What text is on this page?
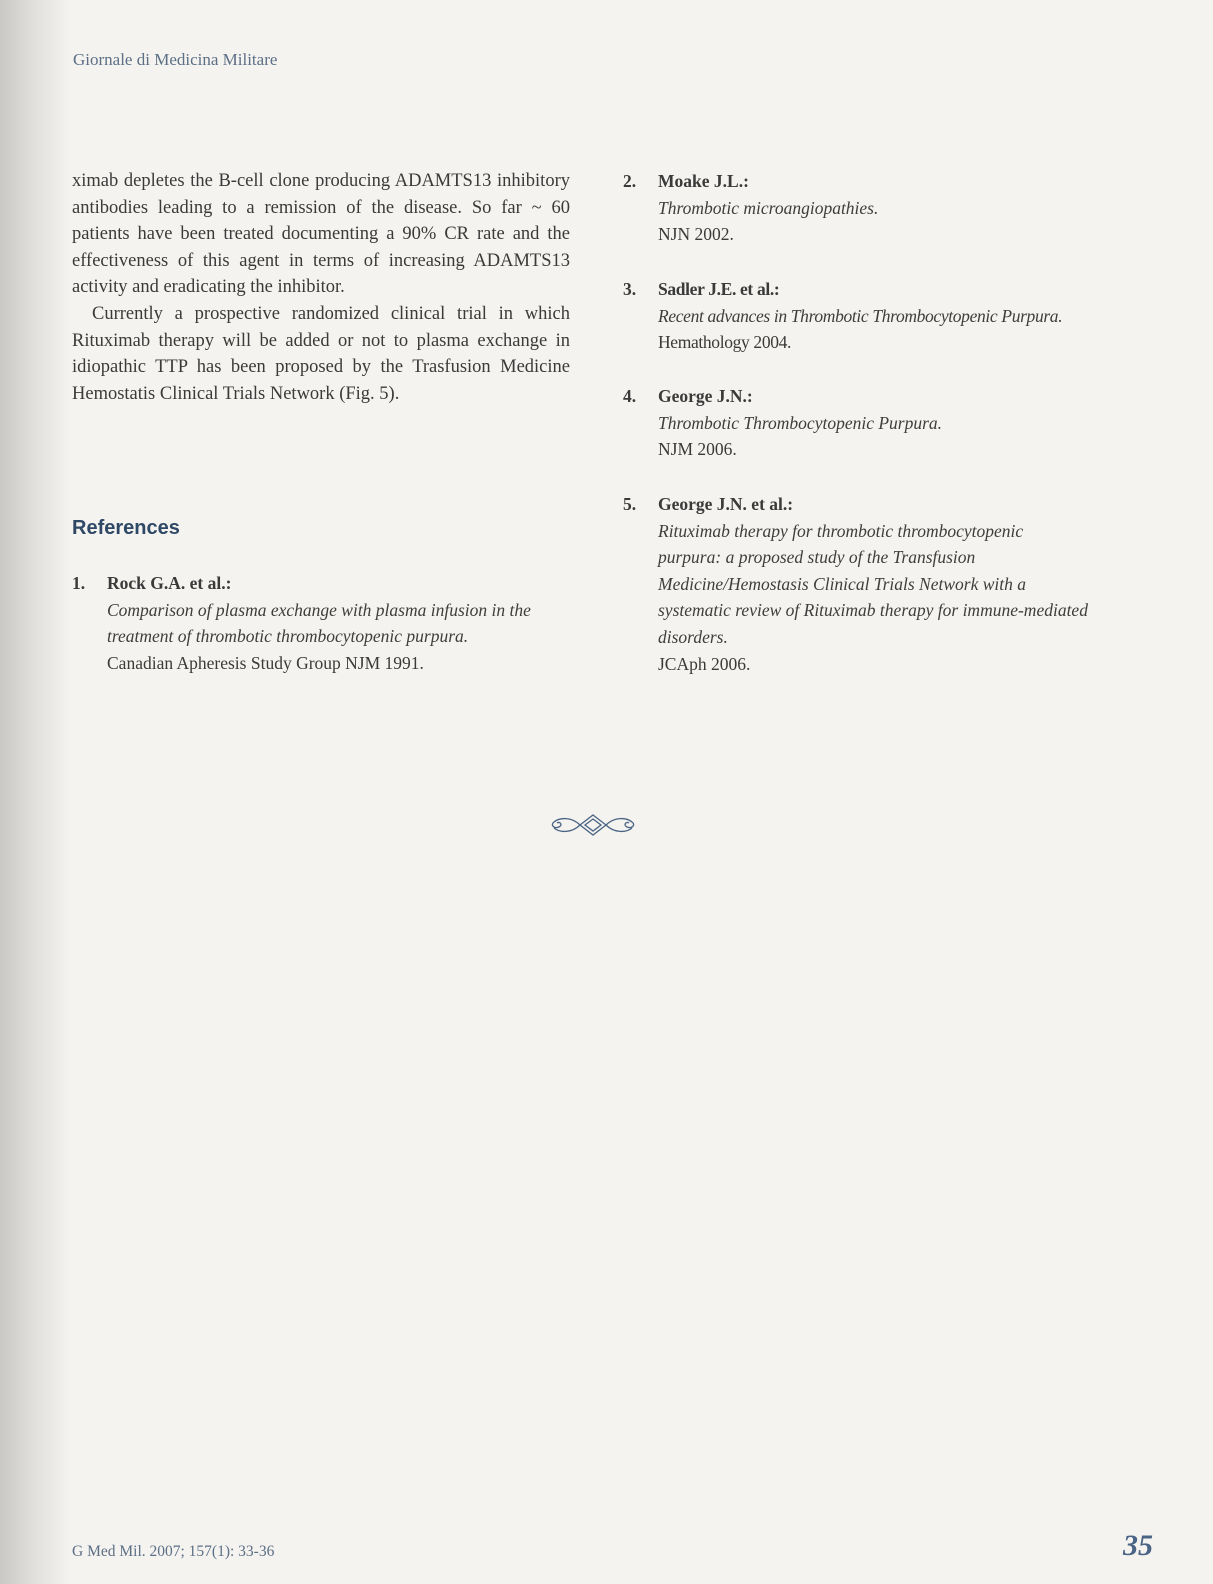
Giornale di Medicina Militare

ximab depletes the B-cell clone producing ADAMTS13 inhibitory antibodies leading to a remission of the disease. So far ~ 60 patients have been treated documenting a 90% CR rate and the effectiveness of this agent in terms of increasing ADAMTS13 activity and eradicating the inhibitor.

Currently a prospective randomized clinical trial in which Rituximab therapy will be added or not to plasma exchange in idiopathic TTP has been proposed by the Trasfusion Medicine Hemostatis Clinical Trials Network (Fig. 5).

References
1. Rock G.A. et al.:
Comparison of plasma exchange with plasma infusion in the treatment of thrombotic thrombocytopenic purpura.
Canadian Apheresis Study Group NJM 1991.
2. Moake J.L.:
Thrombotic microangiopathies.
NJN 2002.
3. Sadler J.E. et al.:
Recent advances in Thrombotic Thrombocytopenic Purpura.
Hemathology 2004.
4. George J.N.:
Thrombotic Thrombocytopenic Purpura.
NJM 2006.
5. George J.N. et al.:
Rituximab therapy for thrombotic thrombocytopenic purpura: a proposed study of the Transfusion Medicine/Hemostasis Clinical Trials Network with a systematic review of Rituximab therapy for immune-mediated disorders.
JCAph 2006.
G Med Mil. 2007; 157(1): 33-36	35
